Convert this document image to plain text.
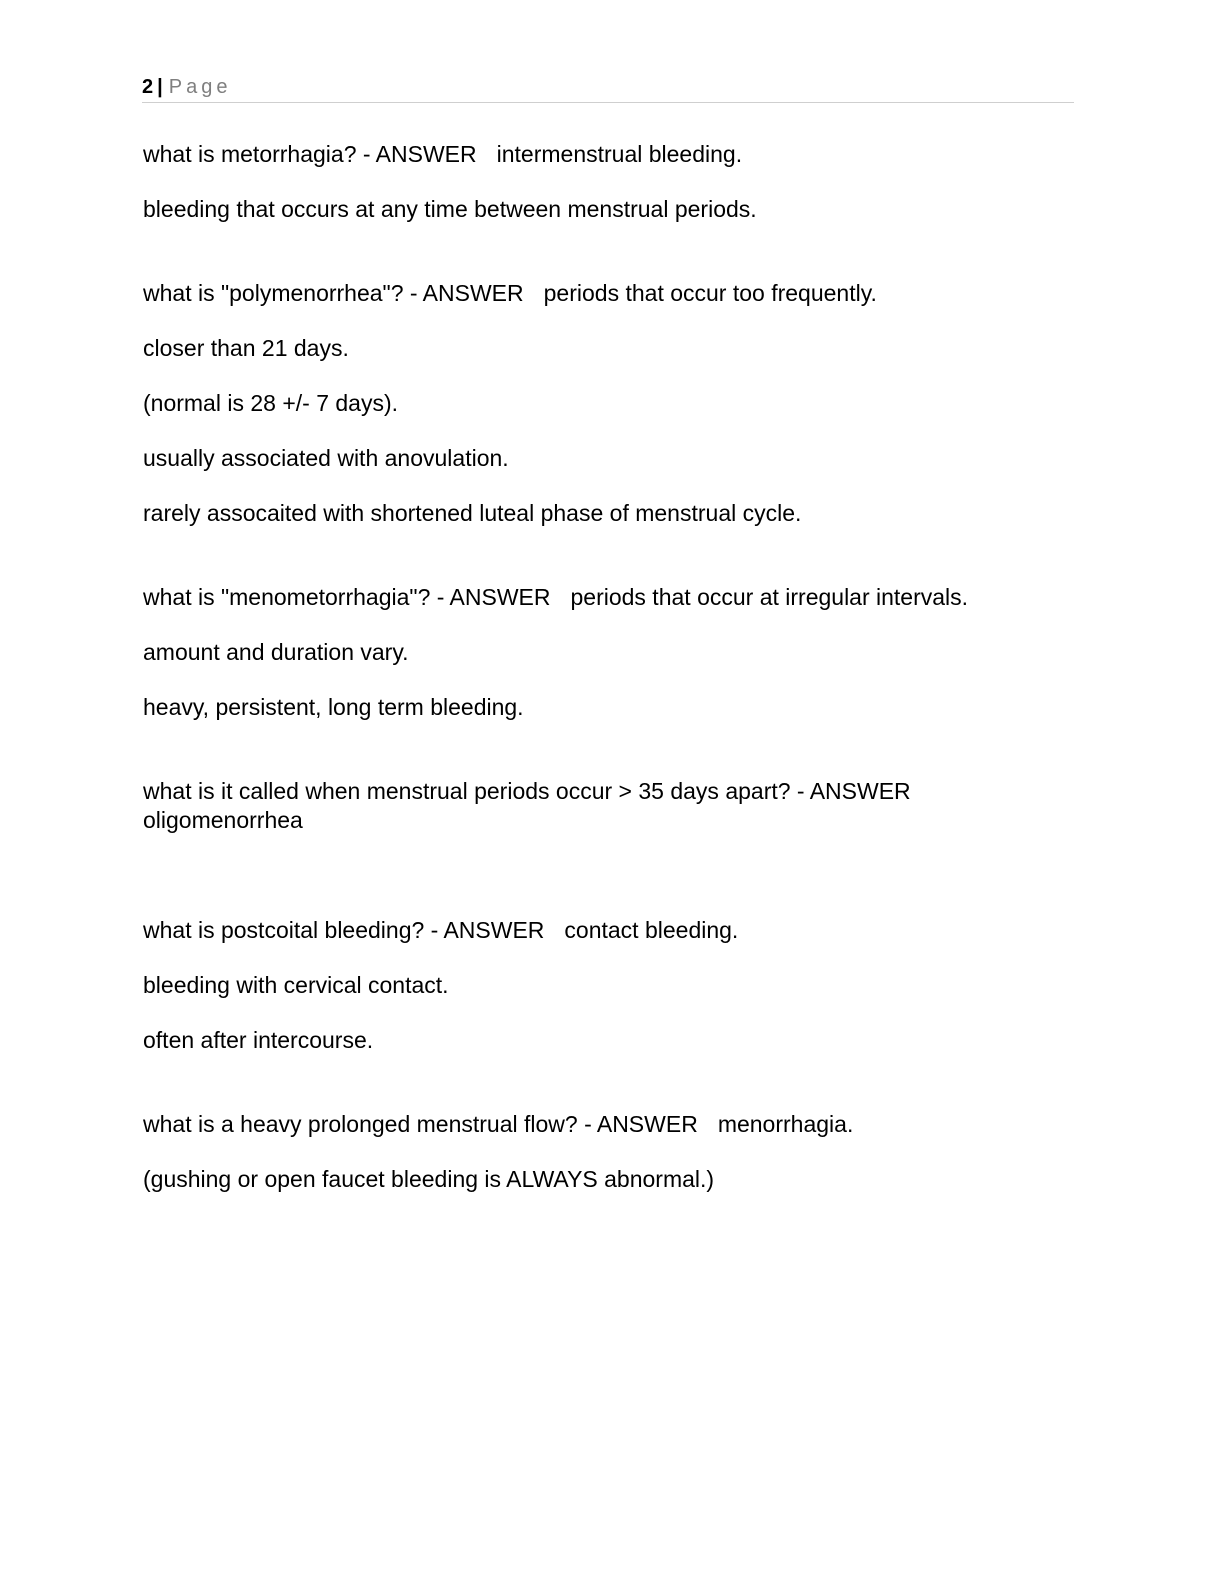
2 | Page
what is metorrhagia? - ANSWER intermenstrual bleeding.
bleeding that occurs at any time between menstrual periods.
what is "polymenorrhea"? - ANSWER periods that occur too frequently.
closer than 21 days.
(normal is 28 +/- 7 days).
usually associated with anovulation.
rarely assocaited with shortened luteal phase of menstrual cycle.
what is "menometorrhagia"? - ANSWER periods that occur at irregular intervals.
amount and duration vary.
heavy, persistent, long term bleeding.
what is it called when menstrual periods occur > 35 days apart? - ANSWER
oligomenorrhea
what is postcoital bleeding? - ANSWER contact bleeding.
bleeding with cervical contact.
often after intercourse.
what is a heavy prolonged menstrual flow? - ANSWER menorrhagia.
(gushing or open faucet bleeding is ALWAYS abnormal.)
